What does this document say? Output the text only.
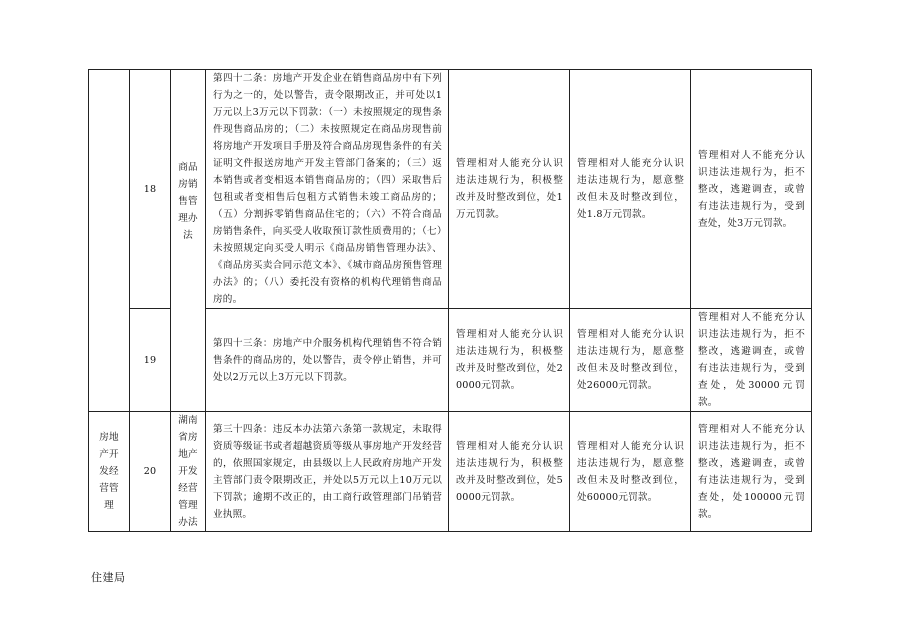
	18	商品房销售管理办法	第四十二条：房地产开发企业在销售商品房中有下列行为之一的，处以警告，责令限期改正，并可处以1万元以上3万元以下罚款：（一）未按照规定的现售条件现售商品房的；（二）未按照规定在商品房现售前将房地产开发项目手册及符合商品房现售条件的有关证明文件报送房地产开发主管部门备案的；（三）返本销售或者变相返本销售商品房的；（四）采取售后包租或者变相售后包租方式销售未竣工商品房的；（五）分割拆零销售商品住宅的；（六）不符合商品房销售条件，向买受人收取预订款性质费用的；（七）未按照规定向买受人明示《商品房销售管理办法》、《商品房买卖合同示范文本》、《城市商品房预售管理办法》的；（八）委托没有资格的机构代理销售商品房的。	管理相对人能充分认识违法违规行为，积极整改并及时整改到位，处1万元罚款。	管理相对人能充分认识违法违规行为，愿意整改但未及时整改到位，处1.8万元罚款。	管理相对人不能充分认识违法违规行为，拒不整改，逃避调查，或曾有违法违规行为，受到查处，处3万元罚款。

	19		第四十三条：房地产中介服务机构代理销售不符合销售条件的商品房的，处以警告，责令停止销售，并可处以2万元以上3万元以下罚款。	管理相对人能充分认识违法违规行为，积极整改并及时整改到位，处20000元罚款。	管理相对人能充分认识违法违规行为，愿意整改但未及时整改到位，处26000元罚款。	管理相对人不能充分认识违法违规行为，拒不整改，逃避调查，或曾有违法违规行为，受到查处，处30000元罚款。

房地产开发经营管理	20	湖南省房地产开发经营管理办法	第三十四条：违反本办法第六条第一款规定，未取得资质等级证书或者超越资质等级从事房地产开发经营的，依照国家规定，由县级以上人民政府房地产开发主管部门责令限期改正，并处以5万元以上10万元以下罚款；逾期不改正的，由工商行政管理部门吊销营业执照。	管理相对人能充分认识违法违规行为，积极整改并及时整改到位，处50000元罚款。	管理相对人能充分认识违法违规行为，愿意整改但未及时整改到位，处60000元罚款。	管理相对人不能充分认识违法违规行为，拒不整改，逃避调查，或曾有违法违规行为，受到查处，处100000元罚款。
住建局
